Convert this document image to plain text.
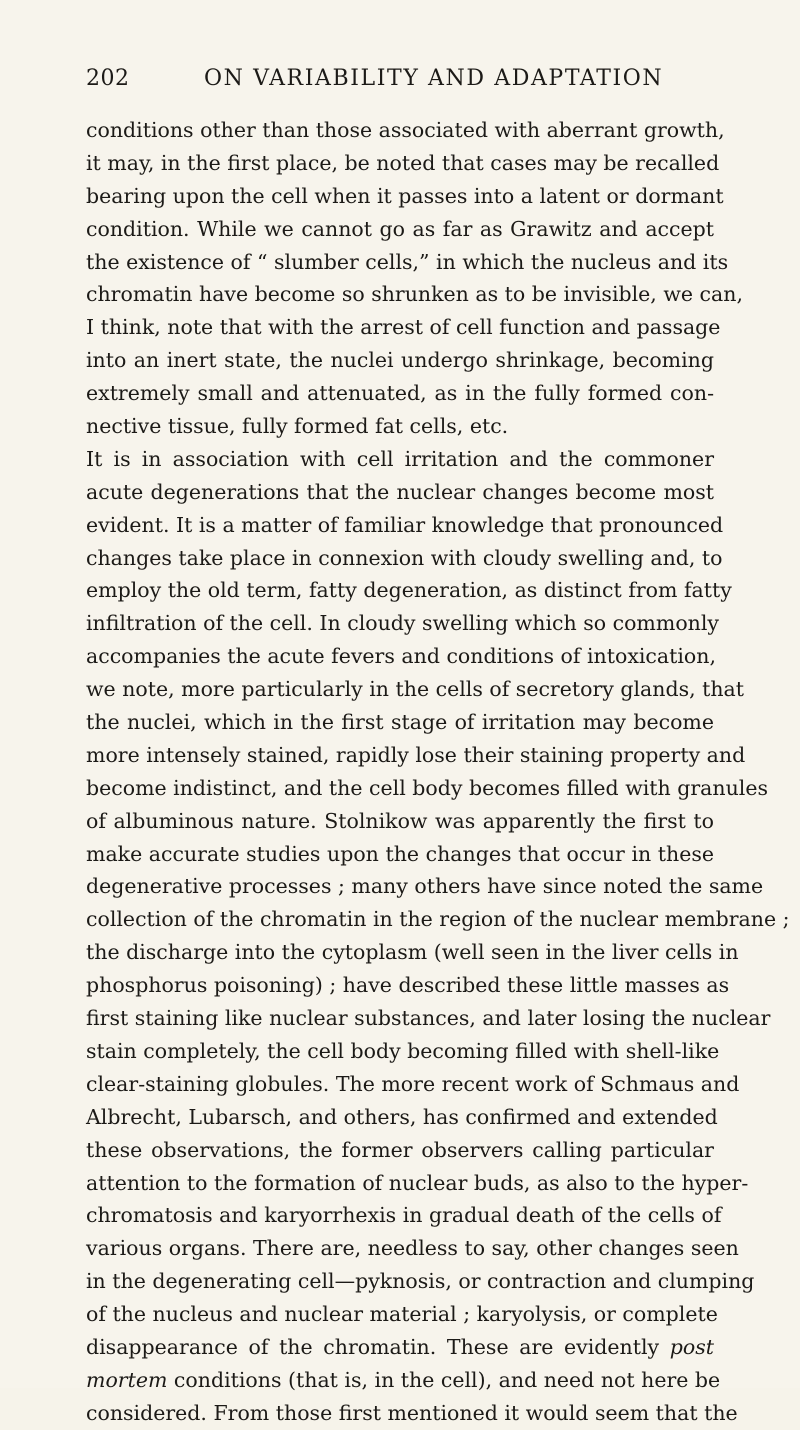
202	ON VARIABILITY AND ADAPTATION
conditions other than those associated with aberrant growth,
it may, in the first place, be noted that cases may be recalled
bearing upon the cell when it passes into a latent or dormant
condition. While we cannot go as far as Grawitz and accept
the existence of “ slumber cells,” in which the nucleus and its
chromatin have become so shrunken as to be invisible, we can,
I think, note that with the arrest of cell function and passage
into an inert state, the nuclei undergo shrinkage, becoming
extremely small and attenuated, as in the fully formed con-
nective tissue, fully formed fat cells, etc.
It is in association with cell irritation and the commoner
acute degenerations that the nuclear changes become most
evident. It is a matter of familiar knowledge that pronounced
changes take place in connexion with cloudy swelling and, to
employ the old term, fatty degeneration, as distinct from fatty
infiltration of the cell. In cloudy swelling which so commonly
accompanies the acute fevers and conditions of intoxication,
we note, more particularly in the cells of secretory glands, that
the nuclei, which in the first stage of irritation may become
more intensely stained, rapidly lose their staining property and
become indistinct, and the cell body becomes filled with granules
of albuminous nature. Stolnikow was apparently the first to
make accurate studies upon the changes that occur in these
degenerative processes ; many others have since noted the same
collection of the chromatin in the region of the nuclear membrane ;
the discharge into the cytoplasm (well seen in the liver cells in
phosphorus poisoning) ; have described these little masses as
first staining like nuclear substances, and later losing the nuclear
stain completely, the cell body becoming filled with shell-like
clear-staining globules. The more recent work of Schmaus and
Albrecht, Lubarsch, and others, has confirmed and extended
these observations, the former observers calling particular
attention to the formation of nuclear buds, as also to the hyper-
chromatosis and karyorrhexis in gradual death of the cells of
various organs. There are, needless to say, other changes seen
in the degenerating cell—pyknosis, or contraction and clumping
of the nucleus and nuclear material ; karyolysis, or complete
disappearance of the chromatin. These are evidently post
mortem conditions (that is, in the cell), and need not here be
considered. From those first mentioned it would seem that the
